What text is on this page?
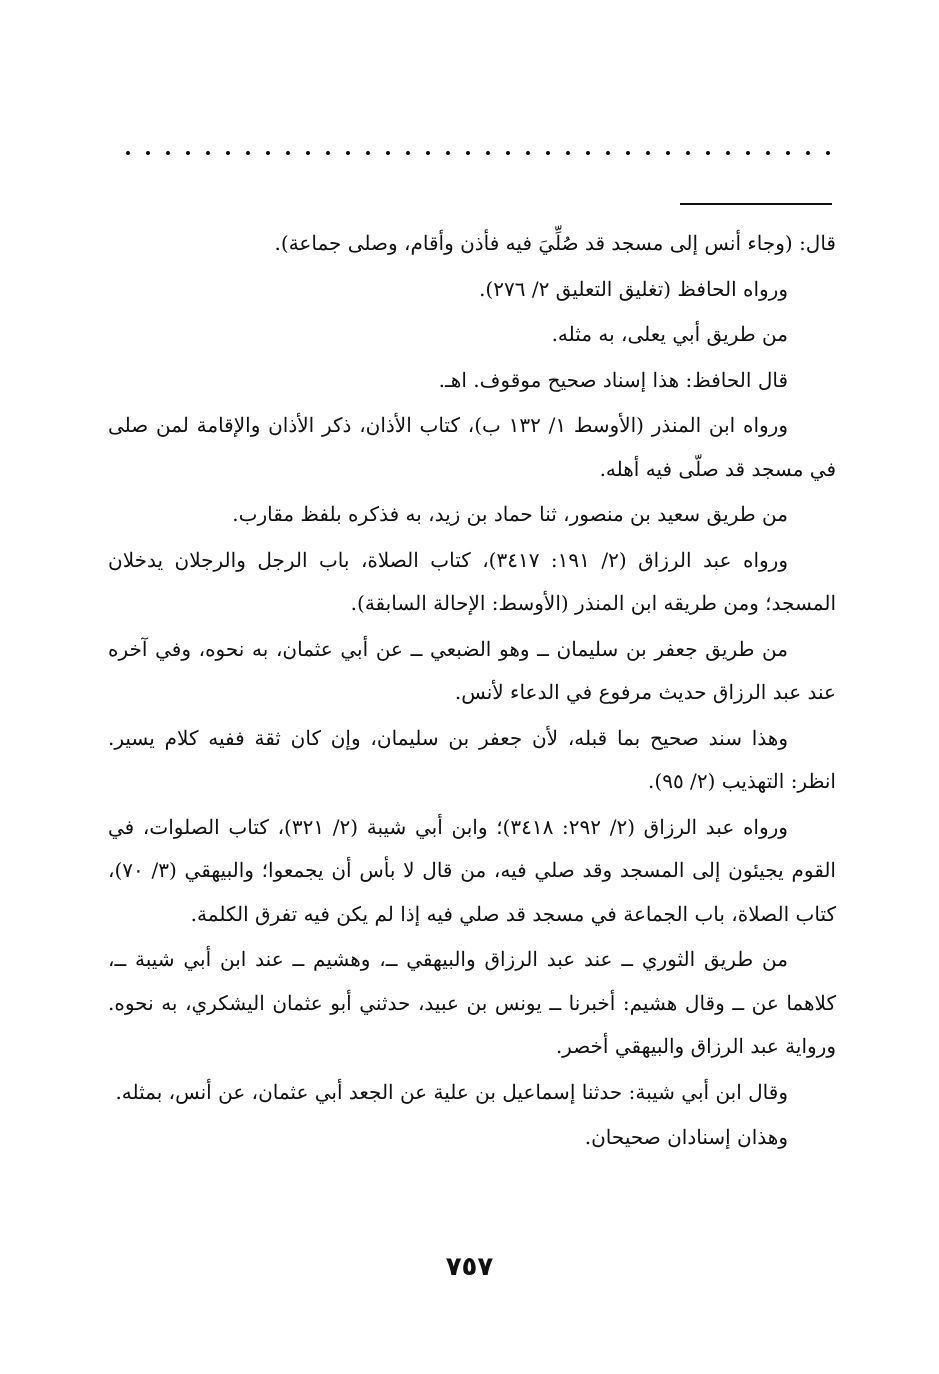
قال: (وجاء أنس إلى مسجد قد صُلِّيَ فيه فأذن وأقام، وصلى جماعة).

ورواه الحافظ (تغليق التعليق ٢/ ٢٧٦).

من طريق أبي يعلى، به مثله.

قال الحافظ: هذا إسناد صحيح موقوف. اهـ.

ورواه ابن المنذر (الأوسط ١/ ١٣٢ ب)، كتاب الأذان، ذكر الأذان والإقامة لمن صلى في مسجد قد صلّى فيه أهله.

من طريق سعيد بن منصور، ثنا حماد بن زيد، به فذكره بلفظ مقارب.

ورواه عبد الرزاق (٢/ ١٩١: ٣٤١٧)، كتاب الصلاة، باب الرجل والرجلان يدخلان المسجد؛ ومن طريقه ابن المنذر (الأوسط: الإحالة السابقة).

من طريق جعفر بن سليمان ــ وهو الضبعي ــ عن أبي عثمان، به نحوه، وفي آخره عند عبد الرزاق حديث مرفوع في الدعاء لأنس.

وهذا سند صحيح بما قبله، لأن جعفر بن سليمان، وإن كان ثقة ففيه كلام يسير. انظر: التهذيب (٢/ ٩٥).

ورواه عبد الرزاق (٢/ ٢٩٢: ٣٤١٨)؛ وابن أبي شيبة (٢/ ٣٢١)، كتاب الصلوات، في القوم يجيئون إلى المسجد وقد صلي فيه، من قال لا بأس أن يجمعوا؛ والبيهقي (٣/ ٧٠)، كتاب الصلاة، باب الجماعة في مسجد قد صلي فيه إذا لم يكن فيه تفرق الكلمة.

من طريق الثوري ــ عند عبد الرزاق والبيهقي ــ، وهشيم ــ عند ابن أبي شيبة ــ، كلاهما عن ــ وقال هشيم: أخبرنا ــ يونس بن عبيد، حدثني أبو عثمان اليشكري، به نحوه. ورواية عبد الرزاق والبيهقي أخصر.

وقال ابن أبي شيبة: حدثنا إسماعيل بن علية عن الجعد أبي عثمان، عن أنس، بمثله.

وهذان إسنادان صحيحان.

٧٥٧
